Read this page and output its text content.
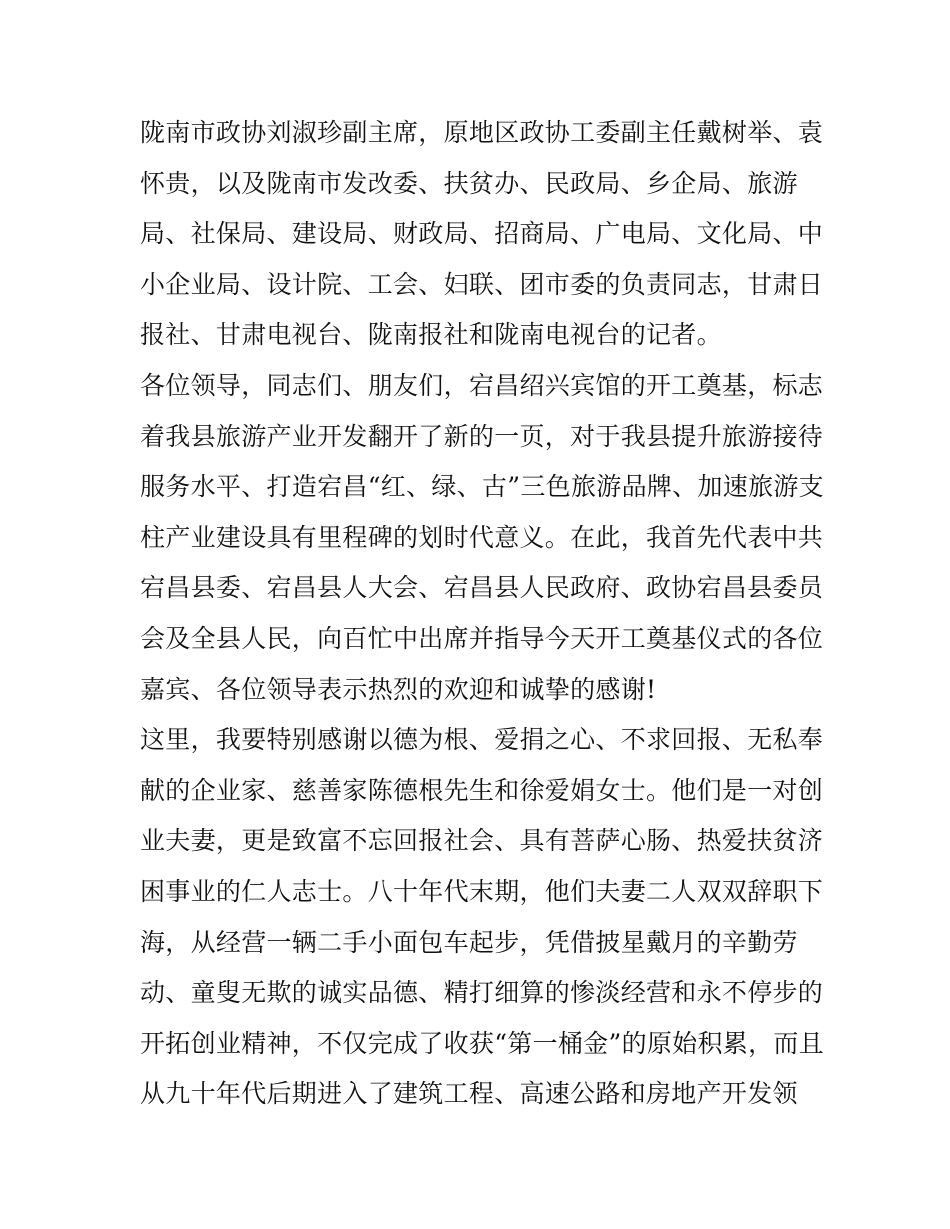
陇南市政协刘淑珍副主席，原地区政协工委副主任戴树举、袁
怀贵，以及陇南市发改委、扶贫办、民政局、乡企局、旅游
局、社保局、建设局、财政局、招商局、广电局、文化局、中
小企业局、设计院、工会、妇联、团市委的负责同志，甘肃日
报社、甘肃电视台、陇南报社和陇南电视台的记者。
各位领导，同志们、朋友们，宕昌绍兴宾馆的开工奠基，标志
着我县旅游产业开发翻开了新的一页，对于我县提升旅游接待
服务水平、打造宕昌“红、绿、古”三色旅游品牌、加速旅游支
柱产业建设具有里程碑的划时代意义。在此，我首先代表中共
宕昌县委、宕昌县人大会、宕昌县人民政府、政协宕昌县委员
会及全县人民，向百忙中出席并指导今天开工奠基仪式的各位
嘉宾、各位领导表示热烈的欢迎和诚挚的感谢!
这里，我要特别感谢以德为根、爱捐之心、不求回报、无私奉
献的企业家、慈善家陈德根先生和徐爱娟女士。他们是一对创
业夫妻，更是致富不忘回报社会、具有菩萨心肠、热爱扶贫济
困事业的仁人志士。八十年代末期，他们夫妻二人双双辞职下
海，从经营一辆二手小面包车起步，凭借披星戴月的辛勤劳
动、童叟无欺的诚实品德、精打细算的惨淡经营和永不停步的
开拓创业精神，不仅完成了收获“第一桶金”的原始积累，而且
从九十年代后期进入了建筑工程、高速公路和房地产开发领
